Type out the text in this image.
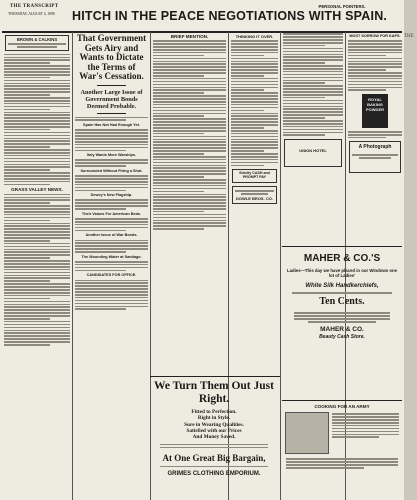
THE TRANSCRIPT
THURSDAY, AUGUST 4, 1898 HITCH IN THE PEACE NEGOTIATIONS WITH SPAIN.
PERSONAL POINTERS.
BROWN & CALKINS
GRASS VALLEY NEWS.
That Government Gets Airy and Wants to Dictate the Terms of War's Cessation.
Another Large Issue of Government Bonds Deemed Probable.
Spain Has Not Had Enough Yet.
Italy Wants More Warships.
Surrounded Without Firing a Shot.
Dewey's New Flagship.
Their Values For American Beds.
Another Issue of War Bonds.
The Wounding Water at Santiago.
CANDIDATES FOR OFFICE.
BRIEF MENTION.	THINKING IT OVER.
Strictly CASH and PROMPT PAY
DOWLE BROS. CO.
UNION HOTEL
MOST SORROW FOR KAPS.
ROYAL BAKING POWDER
A Photograph
MAHER & CO.'S
Ladies—This day we have placed in our Windows one lot of Ladies'
White Silk Handkerchiefs,
Ten Cents.
MAHER & CO.
Beauty Cash Store.
COOKING FOR AN ARMY
We Turn Them Out Just Right.
Fitted to Perfection.
Right in Style.
Sure in Wearing Qualities.
Satisfied with our Prices
And Money Saved.
At One Great Big Bargain,
GRIMES CLOTHING EMPORIUM.
THE
